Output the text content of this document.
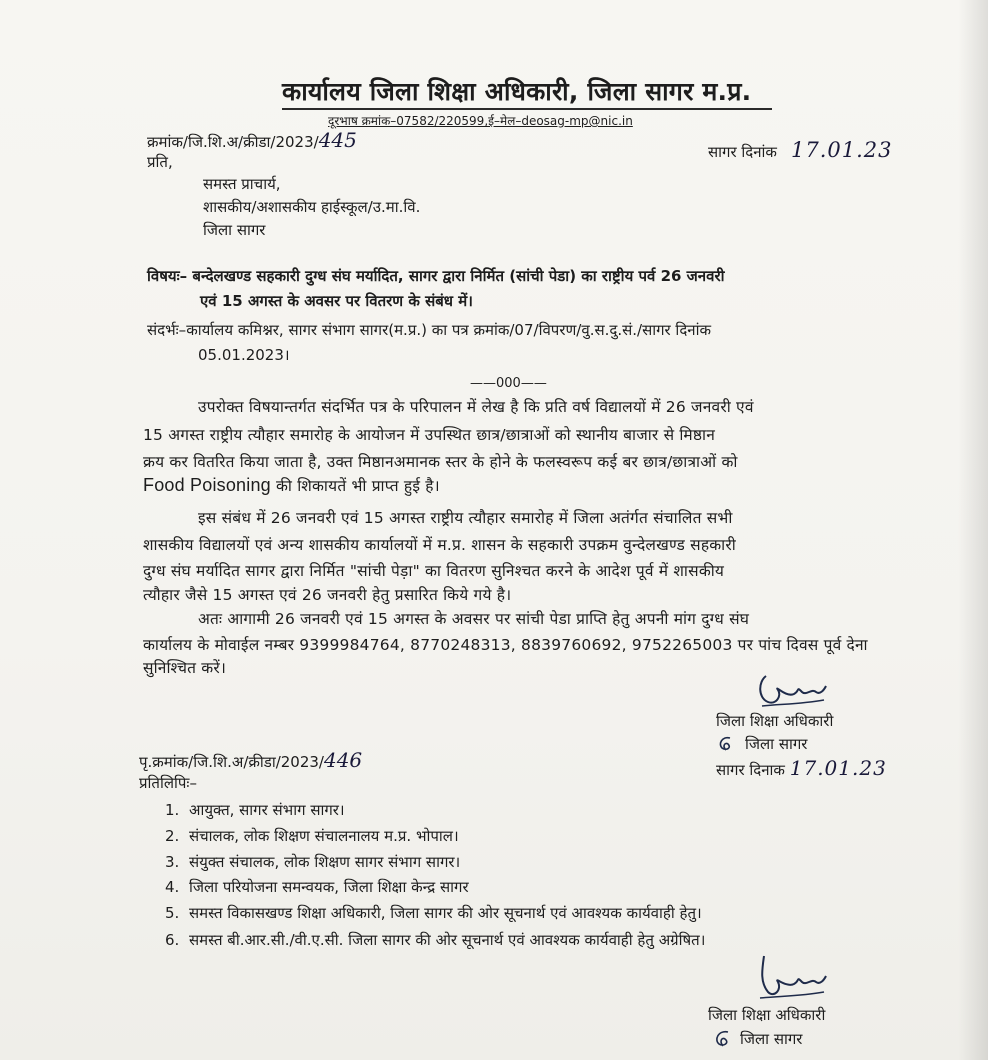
कार्यालय जिला शिक्षा अधिकारी, जिला सागर म.प्र.
दूरभाष क्रमांक–07582/220599,ई–मेल–deosag-mp@nic.in
क्रमांक/जि.शि.अ/क्रीडा/2023/445	सागर दिनांक 17.01.23
प्रति,
समस्त प्राचार्य,
शासकीय/अशासकीय हाईस्कूल/उ.मा.वि.
जिला सागर
विषयः– बन्देलखण्ड सहकारी दुग्ध संघ मर्यादित, सागर द्वारा निर्मित (सांची पेडा) का राष्ट्रीय पर्व 26 जनवरी
एवं 15 अगस्त के अवसर पर वितरण के संबंध में।
संदर्भः–कार्यालय कमिश्नर, सागर संभाग सागर(म.प्र.) का पत्र क्रमांक/07/विपरण/वु.स.दु.सं./सागर दिनांक
05.01.2023।
——000——
उपरोक्त विषयान्तर्गत संदर्भित पत्र के परिपालन में लेख है कि प्रति वर्ष विद्यालयों में 26 जनवरी एवं
15 अगस्त राष्ट्रीय त्यौहार समारोह के आयोजन में उपस्थित छात्र/छात्राओं को स्थानीय बाजार से मिष्ठान
क्रय कर वितरित किया जाता है, उक्त मिष्ठानअमानक स्तर के होने के फलस्वरूप कई बर छात्र/छात्राओं को
Food Poisoning की शिकायतें भी प्राप्त हुई है।
इस संबंध में 26 जनवरी एवं 15 अगस्त राष्ट्रीय त्यौहार समारोह में जिला अतंर्गत संचालित सभी
शासकीय विद्यालयों एवं अन्य शासकीय कार्यालयों में म.प्र. शासन के सहकारी उपक्रम वुन्देलखण्ड सहकारी
दुग्ध संघ मर्यादित सागर द्वारा निर्मित "सांची पेड़ा" का वितरण सुनिश्चत करने के आदेश पूर्व में शासकीय
त्यौहार जैसे 15 अगस्त एवं 26 जनवरी हेतु प्रसारित किये गये है।
अतः आगामी 26 जनवरी एवं 15 अगस्त के अवसर पर सांची पेडा प्राप्ति हेतु अपनी मांग दुग्ध संघ
कार्यालय के मोवाईल नम्बर 9399984764, 8770248313, 8839760692, 9752265003 पर पांच दिवस पूर्व देना
सुनिश्चित करें।
जिला शिक्षा अधिकारी
जिला सागर
सागर दिनाक 17.01.23
पृ.क्रमांक/जि.शि.अ/क्रीडा/2023/446
प्रतिलिपिः–
1. आयुक्त, सागर संभाग सागर।
2. संचालक, लोक शिक्षण संचालनालय म.प्र. भोपाल।
3. संयुक्त संचालक, लोक शिक्षण सागर संभाग सागर।
4. जिला परियोजना समन्वयक, जिला शिक्षा केन्द्र सागर
5. समस्त विकासखण्ड शिक्षा अधिकारी, जिला सागर की ओर सूचनार्थ एवं आवश्यक कार्यवाही हेतु।
6. समस्त बी.आर.सी./वी.ए.सी. जिला सागर की ओर सूचनार्थ एवं आवश्यक कार्यवाही हेतु अग्रेषित।
जिला शिक्षा अधिकारी
जिला सागर
